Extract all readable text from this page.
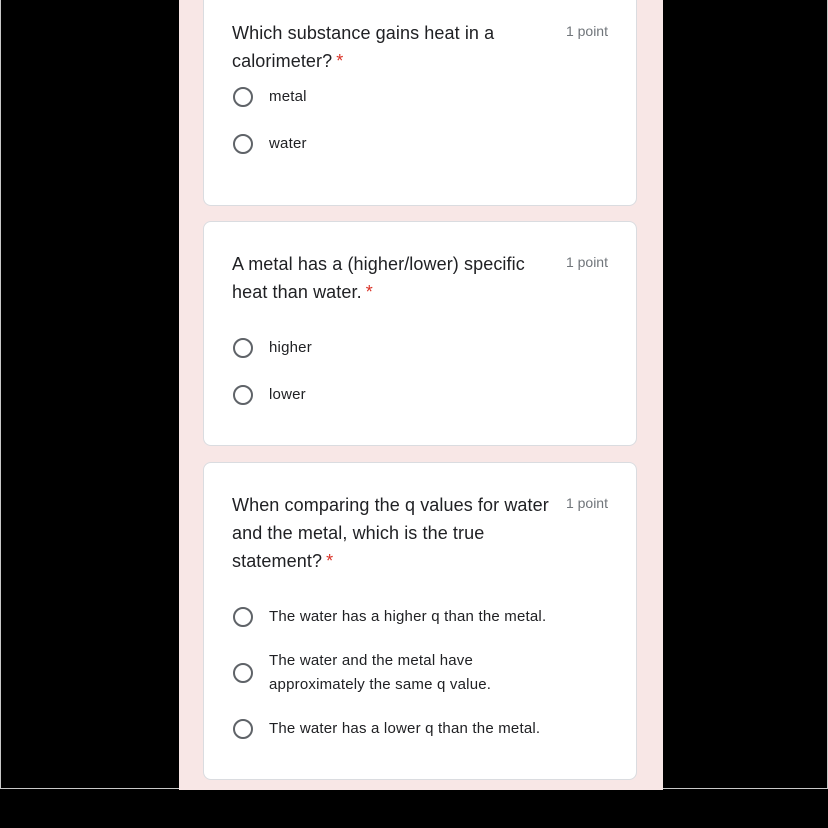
Which substance gains heat in a calorimeter? *
1 point
metal
water
A metal has a (higher/lower) specific heat than water. *
1 point
higher
lower
When comparing the q values for water and the metal, which is the true statement? *
1 point
The water has a higher q than the metal.
The water and the metal have approximately the same q value.
The water has a lower q than the metal.
